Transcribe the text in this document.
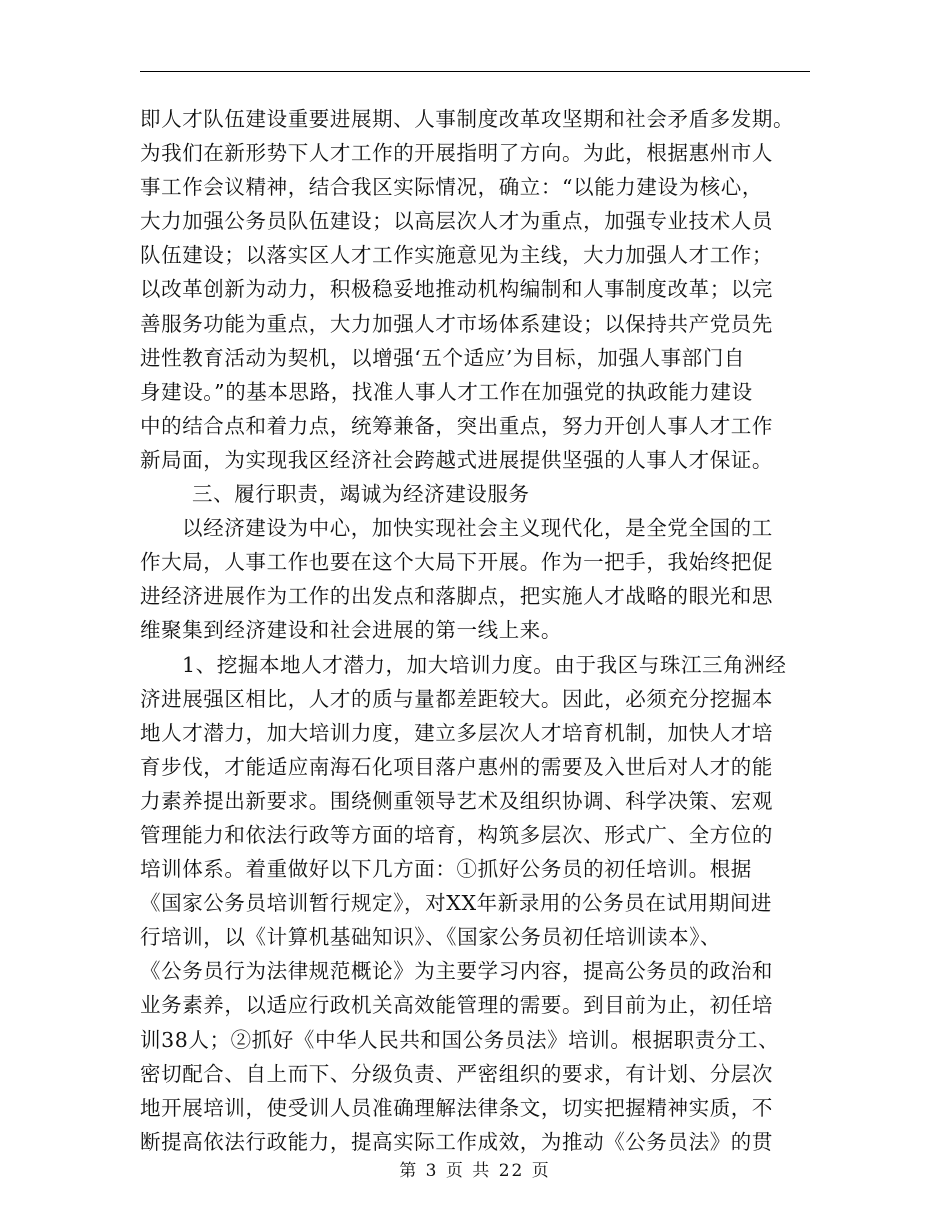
即人才队伍建设重要进展期、人事制度改革攻坚期和社会矛盾多发期。
为我们在新形势下人才工作的开展指明了方向。为此，根据惠州市人
事工作会议精神，结合我区实际情况，确立：“以能力建设为核心，
大力加强公务员队伍建设；以高层次人才为重点，加强专业技术人员
队伍建设；以落实区人才工作实施意见为主线，大力加强人才工作；
以改革创新为动力，积极稳妥地推动机构编制和人事制度改革；以完
善服务功能为重点，大力加强人才市场体系建设；以保持共产党员先
进性教育活动为契机，以增强‘五个适应’为目标，加强人事部门自
身建设。”的基本思路，找准人事人才工作在加强党的执政能力建设
中的结合点和着力点，统筹兼备，突出重点，努力开创人事人才工作
新局面，为实现我区经济社会跨越式进展提供坚强的人事人才保证。
三、履行职责，竭诚为经济建设服务
以经济建设为中心，加快实现社会主义现代化，是全党全国的工
作大局，人事工作也要在这个大局下开展。作为一把手，我始终把促
进经济进展作为工作的出发点和落脚点，把实施人才战略的眼光和思
维聚集到经济建设和社会进展的第一线上来。
1、挖掘本地人才潜力，加大培训力度。由于我区与珠江三角洲经
济进展强区相比，人才的质与量都差距较大。因此，必须充分挖掘本
地人才潜力，加大培训力度，建立多层次人才培育机制，加快人才培
育步伐，才能适应南海石化项目落户惠州的需要及入世后对人才的能
力素养提出新要求。围绕侧重领导艺术及组织协调、科学决策、宏观
管理能力和依法行政等方面的培育，构筑多层次、形式广、全方位的
培训体系。着重做好以下几方面：①抓好公务员的初任培训。根据
《国家公务员培训暂行规定》，对XX年新录用的公务员在试用期间进
行培训，以《计算机基础知识》、《国家公务员初任培训读本》、
《公务员行为法律规范概论》为主要学习内容，提高公务员的政治和
业务素养，以适应行政机关高效能管理的需要。到目前为止，初任培
训38人；②抓好《中华人民共和国公务员法》培训。根据职责分工、
密切配合、自上而下、分级负责、严密组织的要求，有计划、分层次
地开展培训，使受训人员准确理解法律条文，切实把握精神实质，不
断提高依法行政能力，提高实际工作成效，为推动《公务员法》的贯
第 3 页 共 22 页
